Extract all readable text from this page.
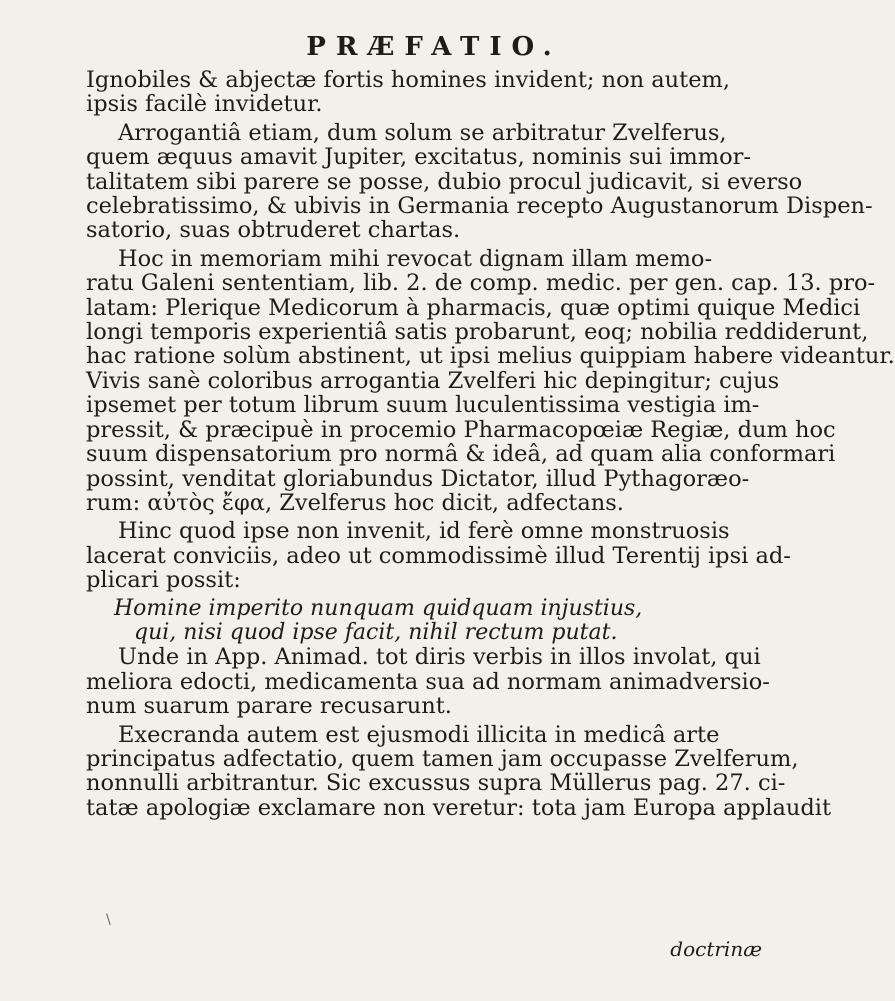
PRÆFATIO.
Ignobiles & abjectæ fortis homines invident; non autem,
ipsis facilè invidetur.
Arrogantiâ etiam, dum solum se arbitratur Zvelferus,
quem æquus amavit Jupiter, excitatus, nominis sui immor-
talitatem sibi parere se posse, dubio procul judicavit, si everso
celebratissimo, & ubivis in Germania recepto Augustanorum Dispen-
satorio, suas obtruderet chartas.
Hoc in memoriam mihi revocat dignam illam memo-
ratu Galeni sententiam, lib. 2. de comp. medic. per gen. cap. 13. pro-
latam: Plerique Medicorum à pharmacis, quæ optimi quique Medici
longi temporis experientiâ satis probarunt, eoq; nobilia reddiderunt,
hac ratione solùm abstinent, ut ipsi melius quippiam habere videantur.
Vivis sanè coloribus arrogantia Zvelferi hic depingitur; cujus
ipsemet per totum librum suum luculentissima vestigia im-
pressit, & præcipuè in procemio Pharmacopœiæ Regiæ, dum hoc
suum dispensatorium pro normâ & ideâ, ad quam alia conformari
possint, venditat gloriabundus Dictator, illud Pythagoræo-
rum: αὐτὸς ἔφα, Zvelferus hoc dicit, adfectans.
Hinc quod ipse non invenit, id ferè omne monstruosis
lacerat conviciis, adeo ut commodissimè illud Terentij ipsi ad-
plicari possit:
Homine imperito nunquam quidquam injustius,
qui, nisi quod ipse facit, nihil rectum putat.
Unde in App. Animad. tot diris verbis in illos involat, qui
meliora edocti, medicamenta sua ad normam animadversio-
num suarum parare recusarunt.
Execranda autem est ejusmodi illicita in medicâ arte
principatus adfectatio, quem tamen jam occupasse Zvelferum,
nonnulli arbitrantur. Sic excussus supra Müllerus pag. 27. ci-
tatæ apologiæ exclamare non veretur: tota jam Europa applaudit
doctrinæ
\
